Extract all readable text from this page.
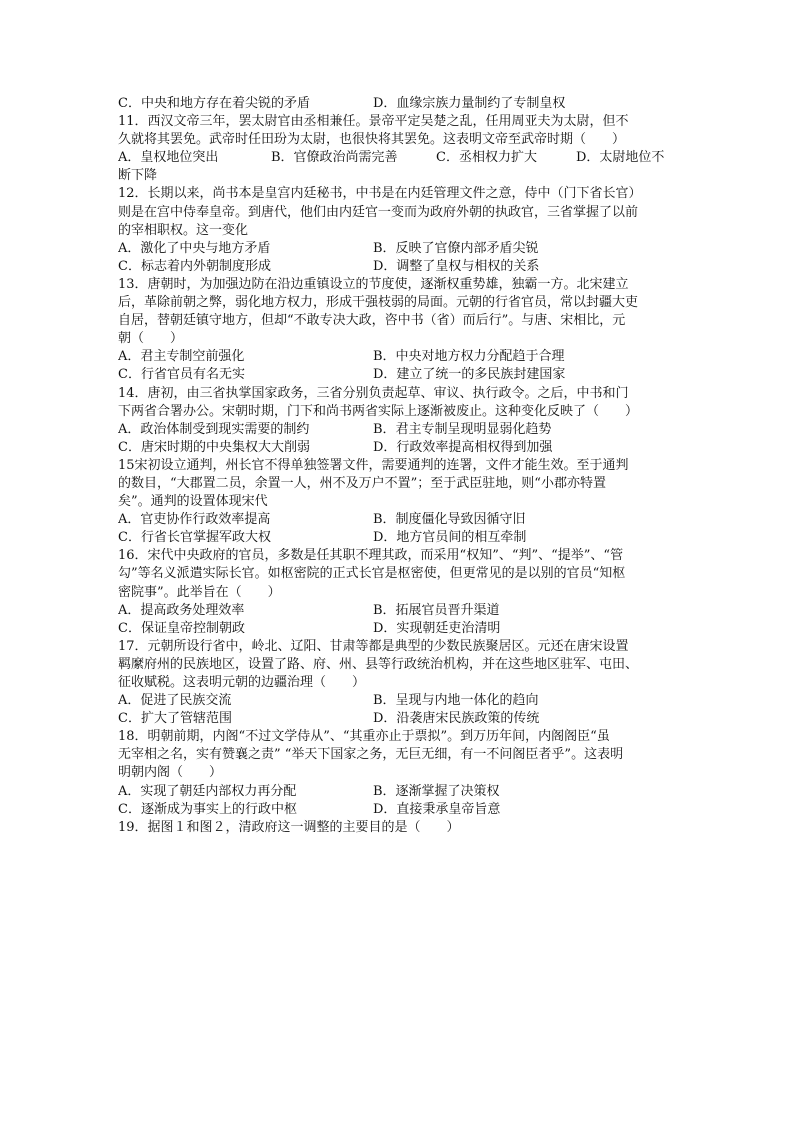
C．中央和地方存在着尖锐的矛盾	D．血缘宗族力量制约了专制皇权
11．西汉文帝三年，罢太尉官由丞相兼任。景帝平定吴楚之乱，任用周亚夫为太尉，但不
久就将其罢免。武帝时任田玢为太尉，也很快将其罢免。这表明文帝至武帝时期（　　）
A．皇权地位突出	B．官僚政治尚需完善	C．丞相权力扩大	D．太尉地位不
断下降
12．长期以来，尚书本是皇宫内廷秘书，中书是在内廷管理文件之意，侍中（门下省长官）
则是在宫中侍奉皇帝。到唐代，他们由内廷官一变而为政府外朝的执政官，三省掌握了以前
的宰相职权。这一变化
A．激化了中央与地方矛盾	B．反映了官僚内部矛盾尖锐
C．标志着内外朝制度形成	D．调整了皇权与相权的关系
13．唐朝时，为加强边防在沿边重镇设立的节度使，逐渐权重势雄，独霸一方。北宋建立
后，革除前朝之弊，弱化地方权力，形成干强枝弱的局面。元朝的行省官员，常以封疆大吏
自居，替朝廷镇守地方，但却“不敢专决大政，咨中书（省）而后行”。与唐、宋相比，元
朝（　　）
A．君主专制空前强化	B．中央对地方权力分配趋于合理
C．行省官员有名无实	D．建立了统一的多民族封建国家
14．唐初，由三省执掌国家政务，三省分别负责起草、审议、执行政令。之后，中书和门
下两省合署办公。宋朝时期，门下和尚书两省实际上逐渐被废止。这种变化反映了（　　）
A．政治体制受到现实需要的制约	B．君主专制呈现明显弱化趋势
C．唐宋时期的中央集权大大削弱	D．行政效率提高相权得到加强
15宋初设立通判，州长官不得单独签署文件，需要通判的连署，文件才能生效。至于通判
的数目，“大郡置二员，余置一人，州不及万户不置”；至于武臣驻地，则“小郡亦特置
矣”。通判的设置体现宋代
A．官吏协作行政效率提高	B．制度僵化导致因循守旧
C．行省长官掌握军政大权	D．地方官员间的相互牵制
16．宋代中央政府的官员，多数是任其职不理其政，而采用“权知”、“判”、“提举”、“管
勾”等名义派遣实际长官。如枢密院的正式长官是枢密使，但更常见的是以别的官员“知枢
密院事”。此举旨在（　　）
A．提高政务处理效率	B．拓展官员晋升渠道
C．保证皇帝控制朝政	D．实现朝廷吏治清明
17．元朝所设行省中，岭北、辽阳、甘肃等都是典型的少数民族聚居区。元还在唐宋设置
羁縻府州的民族地区，设置了路、府、州、县等行政统治机构，并在这些地区驻军、屯田、
征收赋税。这表明元朝的边疆治理（　　）
A．促进了民族交流	B．呈现与内地一体化的趋向
C．扩大了管辖范围	D．沿袭唐宋民族政策的传统
18．明朝前期，内阁“不过文学侍从”、“其重亦止于票拟”。到万历年间，内阁阁臣“虽
无宰相之名，实有赞襄之责” “举天下国家之务，无巨无细，有一不问阁臣者乎”。这表明
明朝内阁（　　）
A．实现了朝廷内部权力再分配	B．逐渐掌握了决策权
C．逐渐成为事实上的行政中枢	D．直接秉承皇帝旨意
19．据图１和图２，清政府这一调整的主要目的是（　　）
